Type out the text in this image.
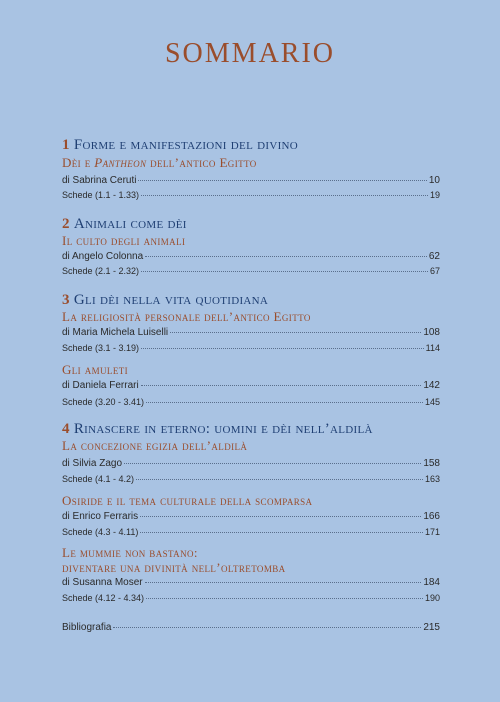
SOMMARIO
1 Forme e manifestazioni del divino
Dèi e Pantheon dell’antico Egitto
di Sabrina Ceruti	10
Schede (1.1 - 1.33)	19
2 Animali come dèi
Il culto degli animali
di Angelo Colonna	62
Schede (2.1 - 2.32)	67
3 Gli dèi nella vita quotidiana
La religiosità personale dell’antico Egitto
di Maria Michela Luiselli	108
Schede (3.1 - 3.19)	114
Gli amuleti
di Daniela Ferrari	142
Schede (3.20 - 3.41)	145
4 Rinascere in eterno: uomini e dèi nell’aldilà
La concezione egizia dell’aldilà
di Silvia Zago	158
Schede (4.1 - 4.2)	163
Osiride e il tema culturale della scomparsa
di Enrico Ferraris	166
Schede (4.3 - 4.11)	171
Le mummie non bastano:
diventare una divinità nell’oltretomba
di Susanna Moser	184
Schede (4.12 - 4.34)	190
Bibliografia	215
